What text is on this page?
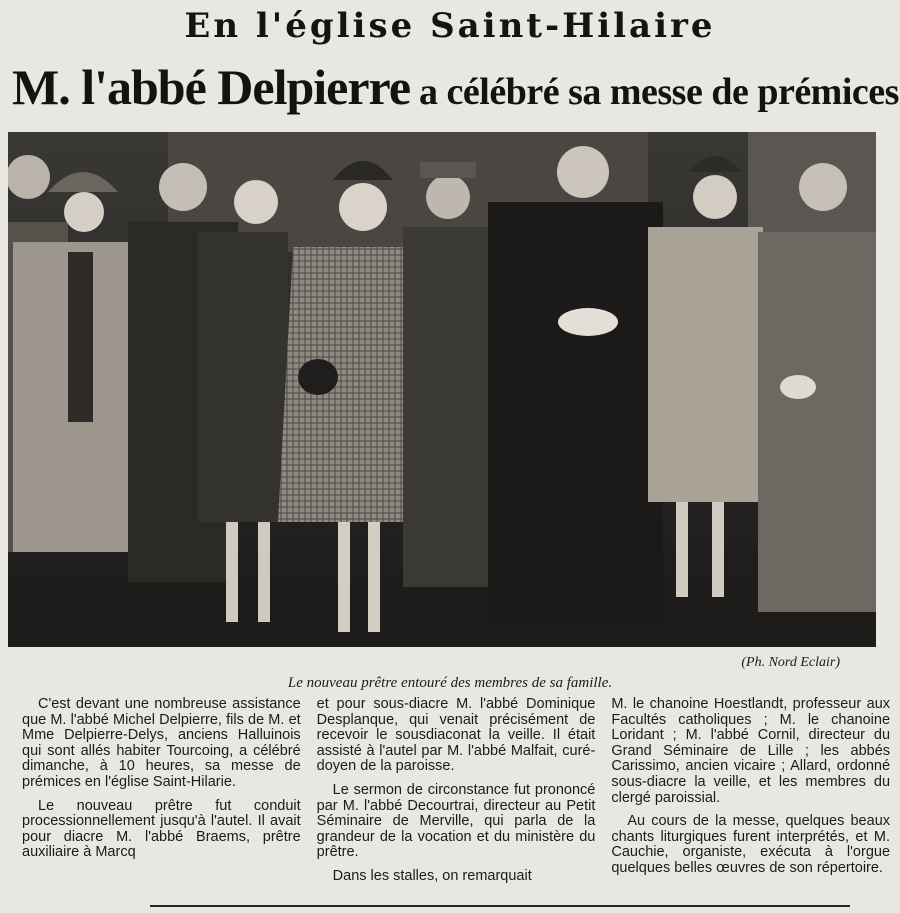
En l'église Saint-Hilaire
M. l'abbé Delpierre a célébré sa messe de prémices
(Ph. Nord Eclair)
Le nouveau prêtre entouré des membres de sa famille.

C'est devant une nombreuse assistance que M. l'abbé Michel Delpierre, fils de M. et Mme Delpierre-Delys, anciens Halluinois qui sont allés habiter Tourcoing, a célébré dimanche, à 10 heures, sa messe de prémices en l'église Saint-Hilarie.

Le nouveau prêtre fut conduit processionnellement jusqu'à l'autel. Il avait pour diacre M. l'abbé Braems, prêtre auxiliaire à Marcq

et pour sous-diacre M. l'abbé Dominique Desplanque, qui venait précisément de recevoir le sousdiaconat la veille. Il était assisté à l'autel par M. l'abbé Malfait, curé-doyen de la paroisse.

Le sermon de circonstance fut prononcé par M. l'abbé Decourtrai, directeur au Petit Séminaire de Merville, qui parla de la grandeur de la vocation et du ministère du prêtre.

Dans les stalles, on remarquait

M. le chanoine Hoestlandt, professeur aux Facultés catholiques ; M. le chanoine Loridant ; M. l'abbé Cornil, directeur du Grand Séminaire de Lille ; les abbés Carissimo, ancien vicaire ; Allard, ordonné sous-diacre la veille, et les membres du clergé paroissial.

Au cours de la messe, quelques beaux chants liturgiques furent interprétés, et M. Cauchie, organiste, exécuta à l'orgue quelques belles œuvres de son répertoire.
